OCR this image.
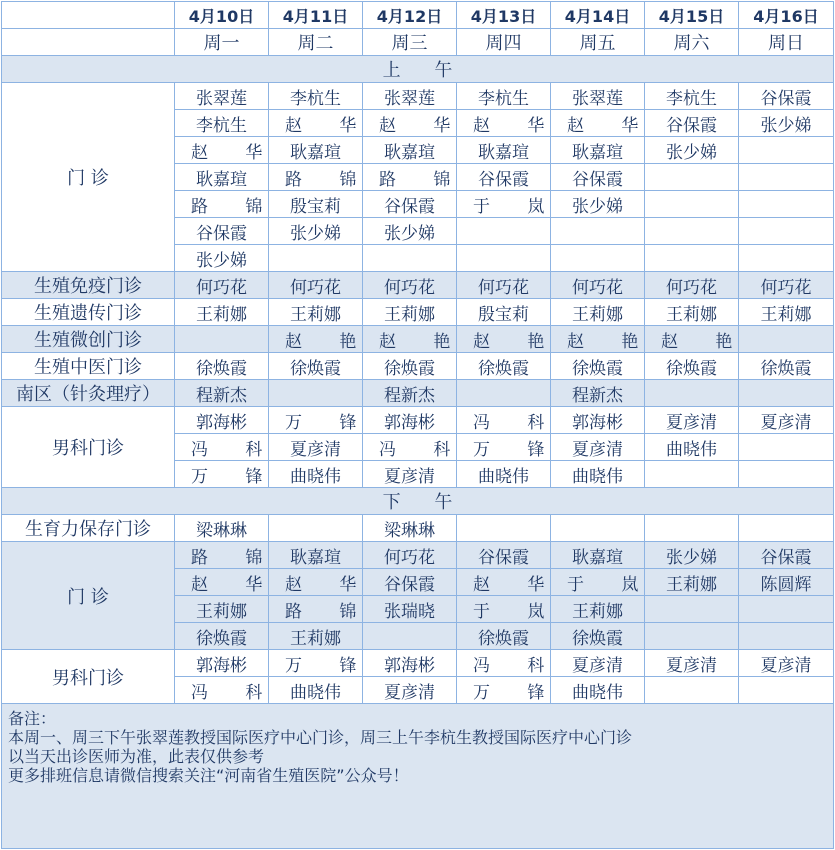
	4月10日	4月11日	4月12日	4月13日	4月14日	4月15日	4月16日
	周一	周二	周三	周四	周五	周六	周日
上 午							
门 诊	张翠莲	李杭生	张翠莲	李杭生	张翠莲	李杭生	谷保霞
	李杭生	赵 华	赵 华	赵 华	赵 华	谷保霞	张少娣
	赵 华	耿嘉瑄	耿嘉瑄	耿嘉瑄	耿嘉瑄	张少娣	
	耿嘉瑄	路 锦	路 锦	谷保霞	谷保霞		
	路 锦	殷宝莉	谷保霞	于 岚	张少娣		
	谷保霞	张少娣	张少娣				
	张少娣						
生殖免疫门诊	何巧花	何巧花	何巧花	何巧花	何巧花	何巧花	何巧花
生殖遗传门诊	王莉娜	王莉娜	王莉娜	殷宝莉	王莉娜	王莉娜	王莉娜
生殖微创门诊		赵 艳	赵 艳	赵 艳	赵 艳	赵 艳	
生殖中医门诊	徐焕霞	徐焕霞	徐焕霞	徐焕霞	徐焕霞	徐焕霞	徐焕霞
南区（针灸理疗）	程新杰		程新杰		程新杰		
男科门诊	郭海彬	万 锋	郭海彬	冯 科	郭海彬	夏彦清	夏彦清
	冯 科	夏彦清	冯 科	万 锋	夏彦清	曲晓伟	
	万 锋	曲晓伟	夏彦清	曲晓伟	曲晓伟		
下 午							
生育力保存门诊	梁琳琳		梁琳琳				
门 诊	路 锦	耿嘉瑄	何巧花	谷保霞	耿嘉瑄	张少娣	谷保霞
	赵 华	赵 华	谷保霞	赵 华	于 岚	王莉娜	陈圆辉
	王莉娜	路 锦	张瑞晓	于 岚	王莉娜		
	徐焕霞	王莉娜		徐焕霞	徐焕霞		
男科门诊	郭海彬	万 锋	郭海彬	冯 科	夏彦清	夏彦清	夏彦清
	冯 科	曲晓伟	夏彦清	万 锋	曲晓伟		

备注：
本周一、周三下午张翠莲教授国际医疗中心门诊，周三上午李杭生教授国际医疗中心门诊
以当天出诊医师为准，此表仅供参考
更多排班信息请微信搜索关注“河南省生殖医院”公众号！							
